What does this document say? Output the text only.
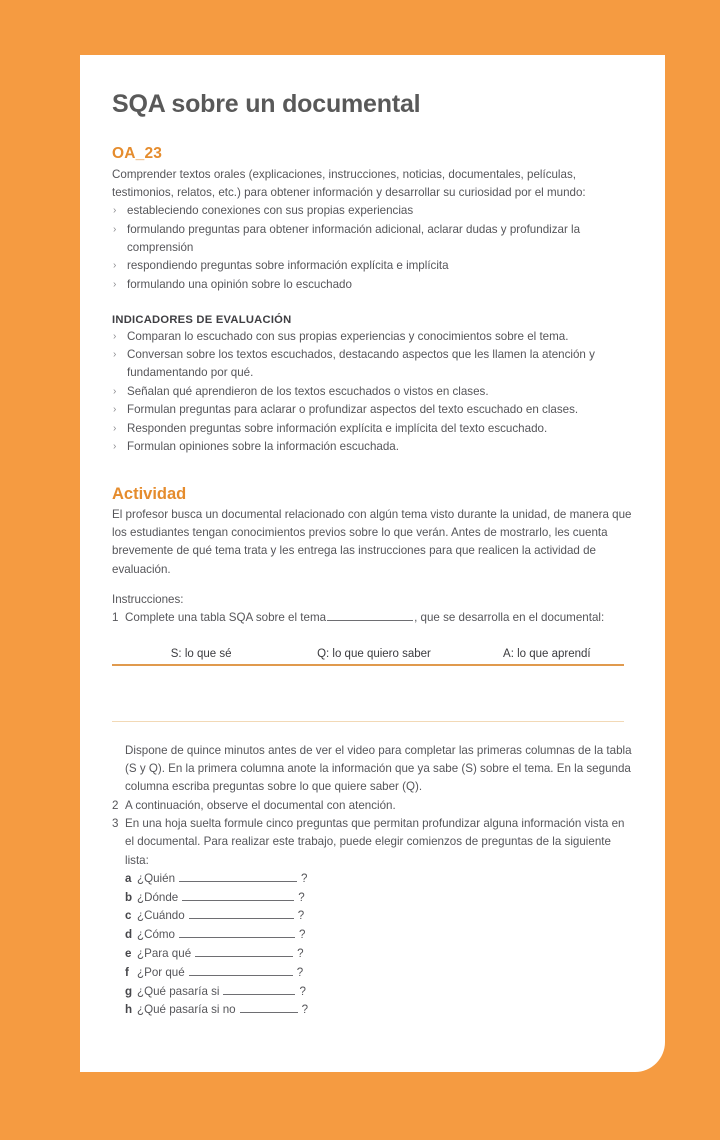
SQA sobre un documental
OA_23

Comprender textos orales (explicaciones, instrucciones, noticias, documentales, películas, testimonios, relatos, etc.) para obtener información y desarrollar su curiosidad por el mundo:

› estableciendo conexiones con sus propias experiencias
› formulando preguntas para obtener información adicional, aclarar dudas y profundizar la comprensión
› respondiendo preguntas sobre información explícita e implícita
› formulando una opinión sobre lo escuchado
INDICADORES DE EVALUACIÓN
› Comparan lo escuchado con sus propias experiencias y conocimientos sobre el tema.
› Conversan sobre los textos escuchados, destacando aspectos que les llamen la atención y fundamentando por qué.
› Señalan qué aprendieron de los textos escuchados o vistos en clases.
› Formulan preguntas para aclarar o profundizar aspectos del texto escuchado en clases.
› Responden preguntas sobre información explícita e implícita del texto escuchado.
› Formulan opiniones sobre la información escuchada.
Actividad

El profesor busca un documental relacionado con algún tema visto durante la unidad, de manera que los estudiantes tengan conocimientos previos sobre lo que verán. Antes de mostrarlo, les cuenta brevemente de qué tema trata y les entrega las instrucciones para que realicen la actividad de evaluación.

Instrucciones:
1 Complete una tabla SQA sobre el tema	, que se desarrolla en el documental:
S: lo que sé	Q: lo que quiero saber	A: lo que aprendí
Dispone de quince minutos antes de ver el video para completar las primeras columnas de la tabla (S y Q). En la primera columna anote la información que ya sabe (S) sobre el tema. En la segunda columna escriba preguntas sobre lo que quiere saber (Q).
2 A continuación, observe el documental con atención.
3 En una hoja suelta formule cinco preguntas que permitan profundizar alguna información vista en el documental. Para realizar este trabajo, puede elegir comienzos de preguntas de la siguiente lista:
a ¿Quién	?
b ¿Dónde	?
c ¿Cuándo	?
d ¿Cómo	?
e ¿Para qué	?
f ¿Por qué	?
g ¿Qué pasaría si	?
h ¿Qué pasaría si no	?
